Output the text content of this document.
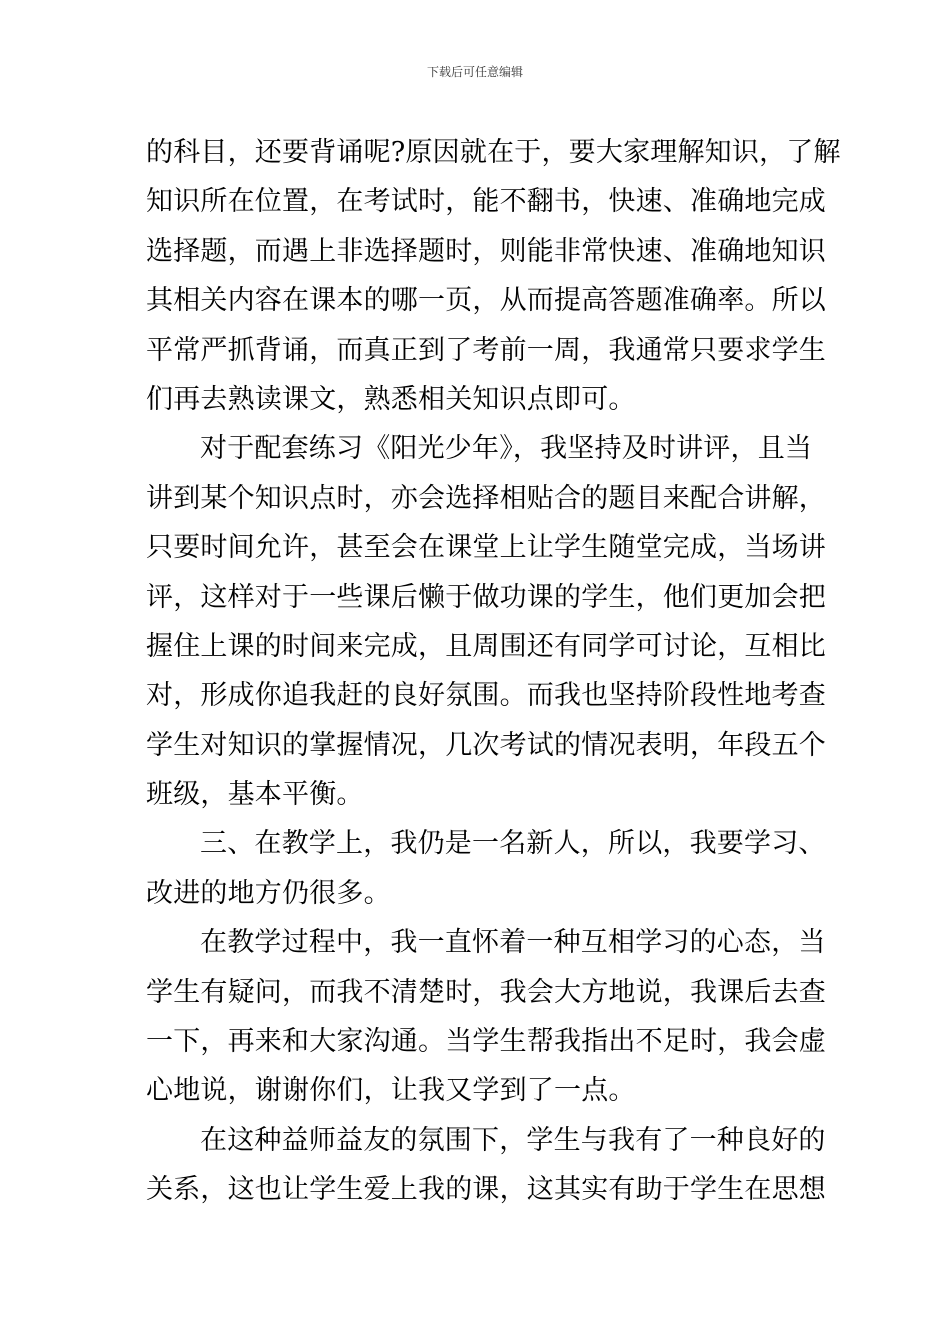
下载后可任意编辑
的科目，还要背诵呢?原因就在于，要大家理解知识，了解
知识所在位置，在考试时，能不翻书，快速、准确地完成
选择题，而遇上非选择题时，则能非常快速、准确地知识
其相关内容在课本的哪一页，从而提高答题准确率。所以
平常严抓背诵，而真正到了考前一周，我通常只要求学生
们再去熟读课文，熟悉相关知识点即可。
对于配套练习《阳光少年》，我坚持及时讲评，且当
讲到某个知识点时，亦会选择相贴合的题目来配合讲解，
只要时间允许，甚至会在课堂上让学生随堂完成，当场讲
评，这样对于一些课后懒于做功课的学生，他们更加会把
握住上课的时间来完成，且周围还有同学可讨论，互相比
对，形成你追我赶的良好氛围。而我也坚持阶段性地考查
学生对知识的掌握情况，几次考试的情况表明，年段五个
班级，基本平衡。
三、在教学上，我仍是一名新人，所以，我要学习、
改进的地方仍很多。
在教学过程中，我一直怀着一种互相学习的心态，当
学生有疑问，而我不清楚时，我会大方地说，我课后去查
一下，再来和大家沟通。当学生帮我指出不足时，我会虚
心地说，谢谢你们，让我又学到了一点。
在这种益师益友的氛围下，学生与我有了一种良好的
关系，这也让学生爱上我的课，这其实有助于学生在思想
